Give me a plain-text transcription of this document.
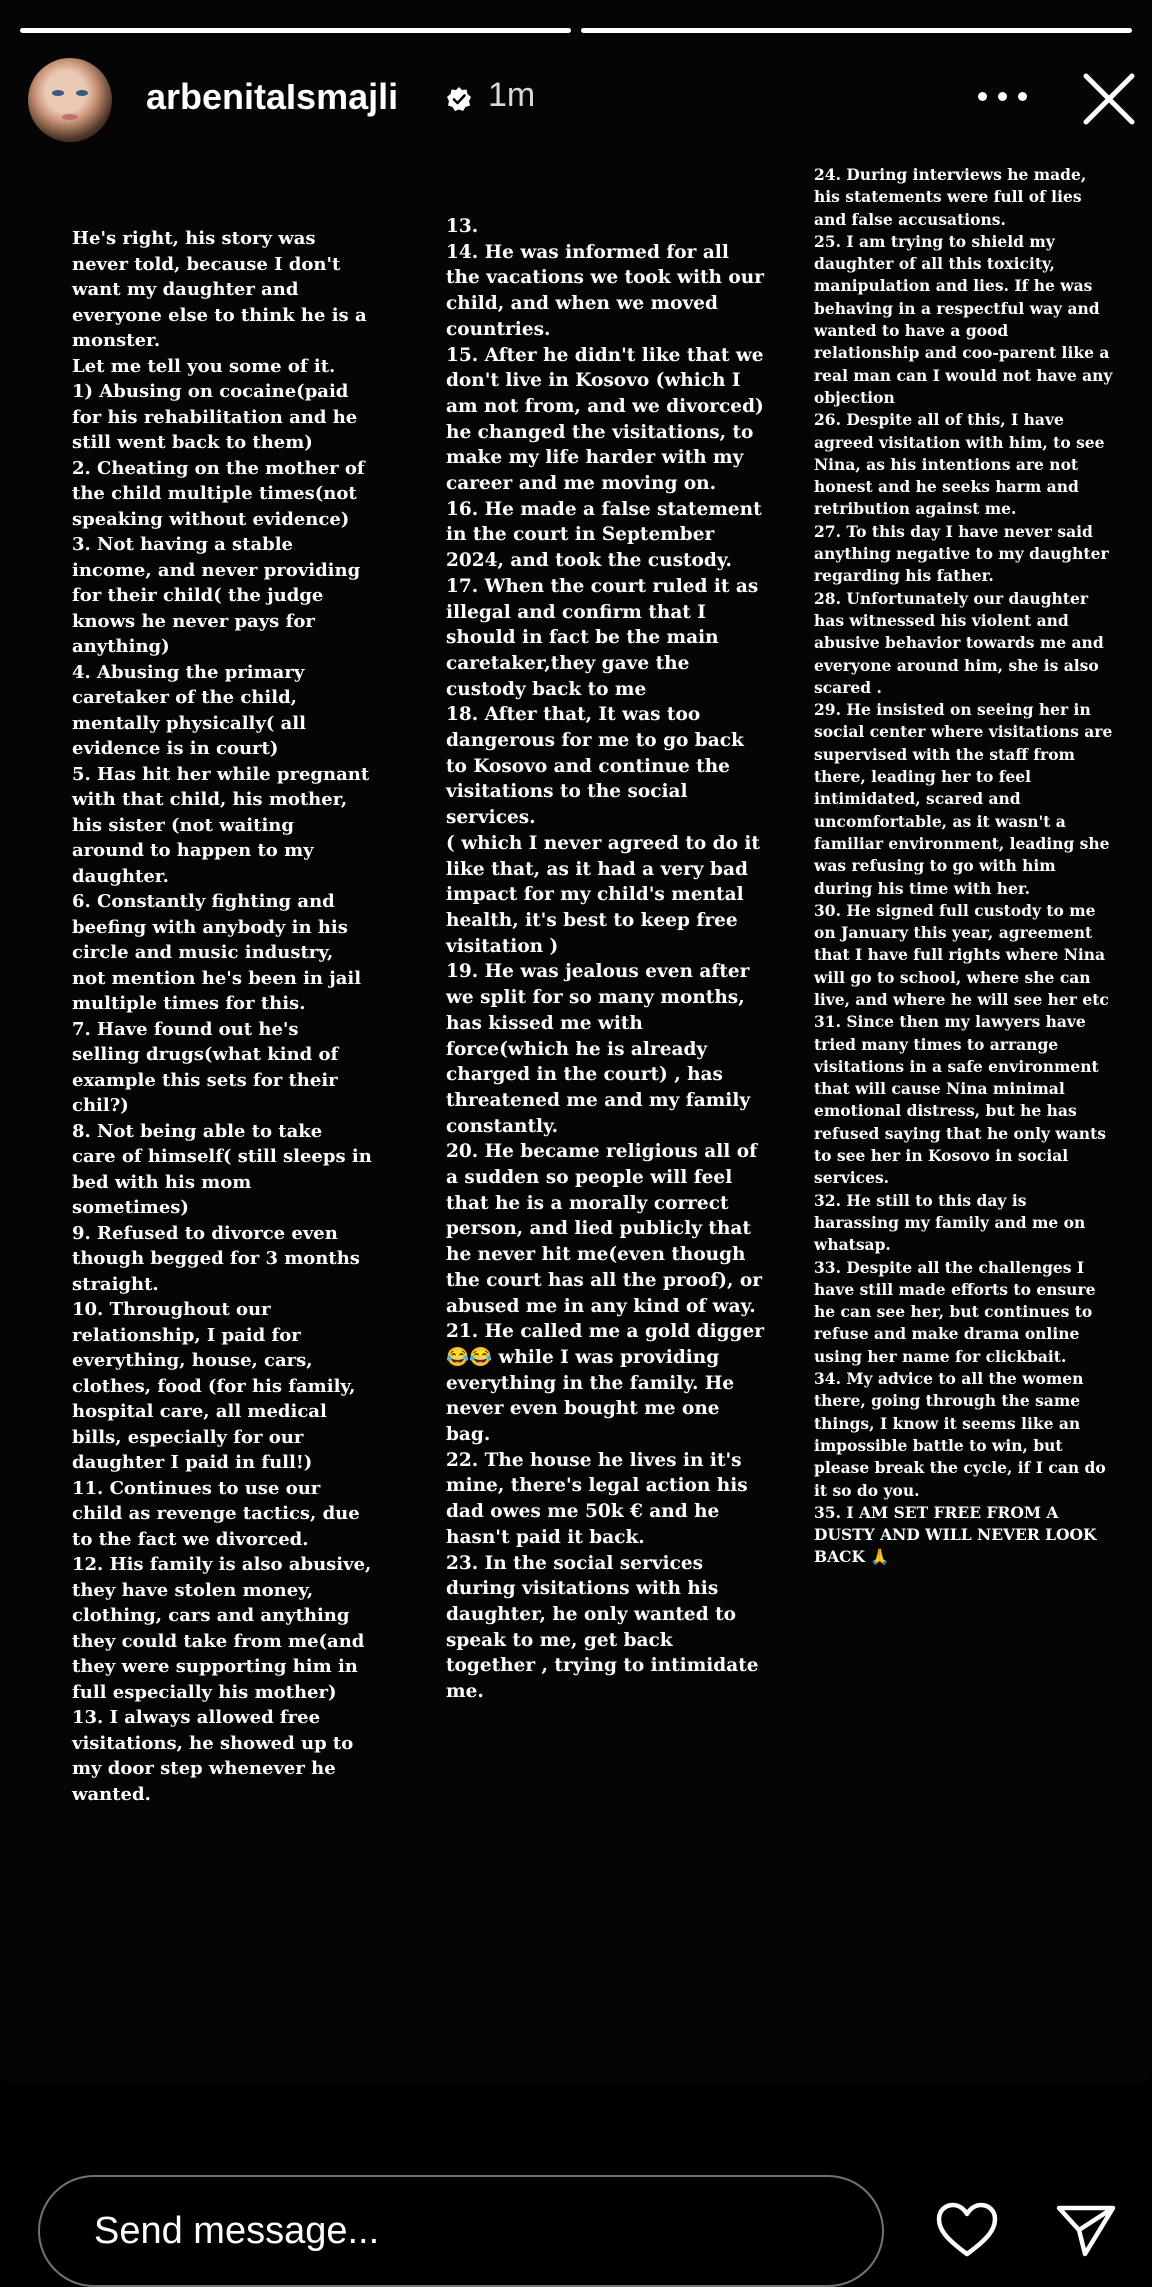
arbenitaIsmajli	1m
He's right, his story was never told, because I don't want my daughter and everyone else to think he is a monster.
Let me tell you some of it.
1) Abusing on cocaine(paid for his rehabilitation and he still went back to them)
2. Cheating on the mother of the child multiple times(not speaking without evidence)
3. Not having a stable income, and never providing for their child( the judge knows he never pays for anything)
4. Abusing the primary caretaker of the child, mentally physically( all evidence is in court)
5. Has hit her while pregnant with that child, his mother, his sister (not waiting around to happen to my daughter.
6. Constantly fighting and beefing with anybody in his circle and music industry, not mention he's been in jail multiple times for this.
7. Have found out he's selling drugs(what kind of example this sets for their chil?)
8. Not being able to take care of himself( still sleeps in bed with his mom sometimes)
9. Refused to divorce even though begged for 3 months straight.
10. Throughout our relationship, I paid for everything, house, cars, clothes, food (for his family, hospital care, all medical bills, especially for our daughter I paid in full!)
11. Continues to use our child as revenge tactics, due to the fact we divorced.
12. His family is also abusive, they have stolen money, clothing, cars and anything they could take from me(and they were supporting him in full especially his mother)
13. I always allowed free visitations, he showed up to my door step whenever he wanted.
13.
14. He was informed for all the vacations we took with our child, and when we moved countries.
15. After he didn't like that we don't live in Kosovo (which I am not from, and we divorced) he changed the visitations, to make my life harder with my career and me moving on.
16. He made a false statement in the court in September 2024, and took the custody.
17. When the court ruled it as illegal and confirm that I should in fact be the main caretaker,they gave the custody back to me
18. After that, It was too dangerous for me to go back to Kosovo and continue the visitations to the social services.
( which I never agreed to do it like that, as it had a very bad impact for my child's mental health, it's best to keep free visitation )
19. He was jealous even after we split for so many months, has kissed me with force(which he is already charged in the court) , has threatened me and my family constantly.
20. He became religious all of a sudden so people will feel that he is a morally correct person, and lied publicly that he never hit me(even though the court has all the proof), or abused me in any kind of way.
21. He called me a gold digger😂😂 while I was providing everything in the family. He never even bought me one bag.
22. The house he lives in it's mine, there's legal action his dad owes me 50k € and he hasn't paid it back.
23. In the social services during visitations with his daughter, he only wanted to speak to me, get back together , trying to intimidate me.
24. During interviews he made, his statements were full of lies and false accusations.
25. I am trying to shield my daughter of all this toxicity, manipulation and lies. If he was behaving in a respectful way and wanted to have a good relationship and coo-parent like a real man can I would not have any objection
26. Despite all of this, I have agreed visitation with him, to see Nina, as his intentions are not honest and he seeks harm and retribution against me.
27. To this day I have never said anything negative to my daughter regarding his father.
28. Unfortunately our daughter has witnessed his violent and abusive behavior towards me and everyone around him, she is also scared .
29. He insisted on seeing her in social center where visitations are supervised with the staff from there, leading her to feel intimidated, scared and uncomfortable, as it wasn't a familiar environment, leading she was refusing to go with him during his time with her.
30. He signed full custody to me on January this year, agreement that I have full rights where Nina will go to school, where she can live, and where he will see her etc
31. Since then my lawyers have tried many times to arrange visitations in a safe environment that will cause Nina minimal emotional distress, but he has refused saying that he only wants to see her in Kosovo in social services.
32. He still to this day is harassing my family and me on whatsap.
33. Despite all the challenges I have still made efforts to ensure he can see her, but continues to refuse and make drama online using her name for clickbait.
34. My advice to all the women there, going through the same things, I know it seems like an impossible battle to win, but please break the cycle, if I can do it so do you.
35. I AM SET FREE FROM A DUSTY AND WILL NEVER LOOK BACK 🙏
Send message...
